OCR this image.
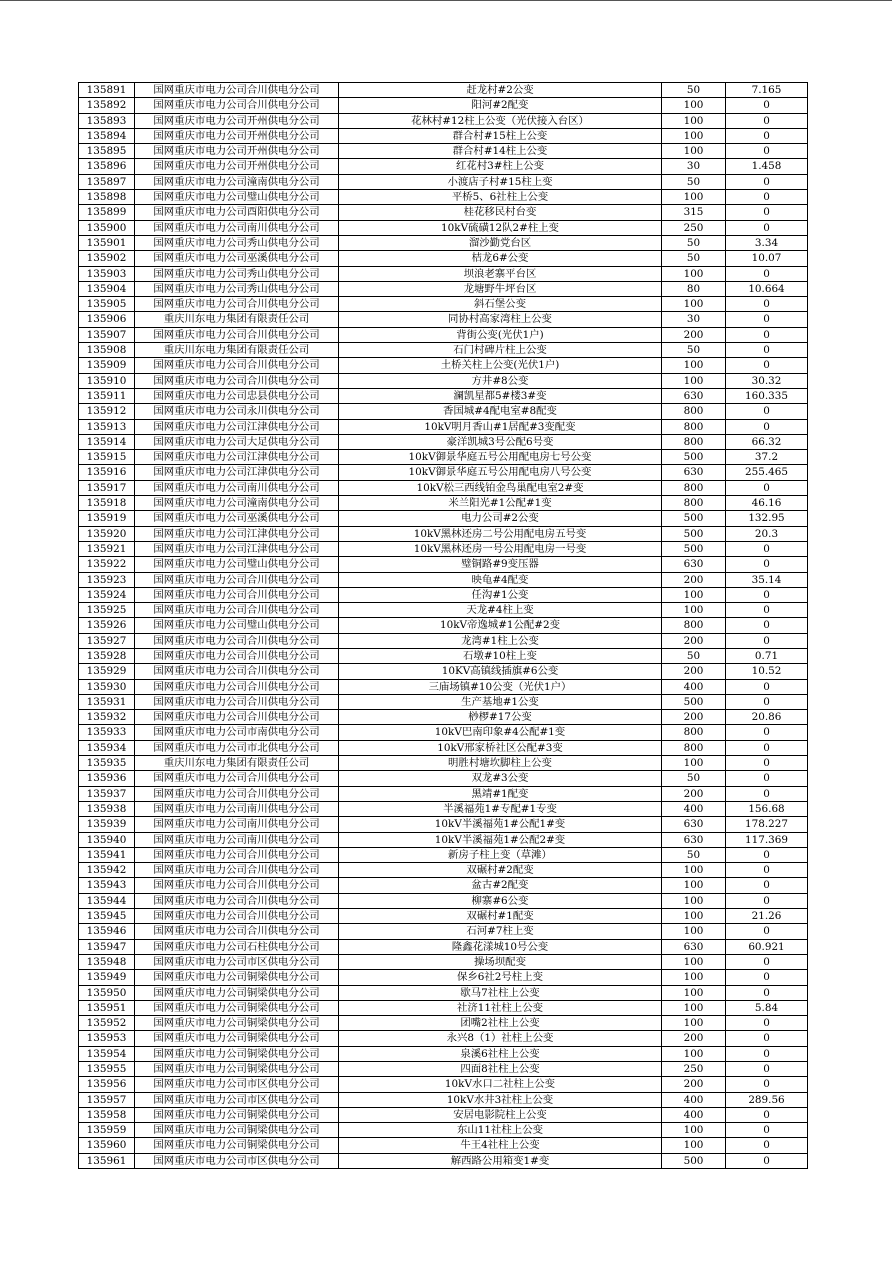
135891	国网重庆市电力公司合川供电分公司	赶龙村#2公变	50	7.165
135892	国网重庆市电力公司合川供电分公司	阳河#2配变	100	0
135893	国网重庆市电力公司开州供电分公司	花林村#12柱上公变（光伏接入台区）	100	0
135894	国网重庆市电力公司开州供电分公司	群合村#15柱上公变	100	0
135895	国网重庆市电力公司开州供电分公司	群合村#14柱上公变	100	0
135896	国网重庆市电力公司开州供电分公司	红花村3#柱上公变	30	1.458
135897	国网重庆市电力公司潼南供电分公司	小渡店子村#15柱上变	50	0
135898	国网重庆市电力公司璧山供电分公司	平桥5、6社柱上公变	100	0
135899	国网重庆市电力公司酉阳供电分公司	桂花移民村台变	315	0
135900	国网重庆市电力公司南川供电分公司	10kV硫磺12队2#柱上变	250	0
135901	国网重庆市电力公司秀山供电分公司	溜沙勤党台区	50	3.34
135902	国网重庆市电力公司巫溪供电分公司	桔龙6#公变	50	10.07
135903	国网重庆市电力公司秀山供电分公司	坝浪老寨平台区	100	0
135904	国网重庆市电力公司秀山供电分公司	龙塘野牛坪台区	80	10.664
135905	国网重庆市电力公司合川供电分公司	斜石堡公变	100	0
135906	重庆川东电力集团有限责任公司	同协村高家湾柱上公变	30	0
135907	国网重庆市电力公司合川供电分公司	背街公变(光伏1户)	200	0
135908	重庆川东电力集团有限责任公司	石门村碑片柱上公变	50	0
135909	国网重庆市电力公司合川供电分公司	土桥关柱上公变(光伏1户)	100	0
135910	国网重庆市电力公司合川供电分公司	方井#8公变	100	30.32
135911	国网重庆市电力公司忠县供电分公司	澜凯星都5#楼3#变	630	160.335
135912	国网重庆市电力公司永川供电分公司	香国城#4配电室#8配变	800	0
135913	国网重庆市电力公司江津供电分公司	10kV明月香山#1居配#3变配变	800	0
135914	国网重庆市电力公司大足供电分公司	豪洋凯城3号公配6号变	800	66.32
135915	国网重庆市电力公司江津供电分公司	10kV御景华庭五号公用配电房七号公变	500	37.2
135916	国网重庆市电力公司江津供电分公司	10kV御景华庭五号公用配电房八号公变	630	255.465
135917	国网重庆市电力公司南川供电分公司	10kV松三西线铂金鸟巢配电室2#变	800	0
135918	国网重庆市电力公司潼南供电分公司	米兰阳光#1公配#1变	800	46.16
135919	国网重庆市电力公司巫溪供电分公司	电力公司#2公变	500	132.95
135920	国网重庆市电力公司江津供电分公司	10kV黑林还房二号公用配电房五号变	500	20.3
135921	国网重庆市电力公司江津供电分公司	10kV黑林还房一号公用配电房一号变	500	0
135922	国网重庆市电力公司璧山供电分公司	璧铜路#9变压器	630	0
135923	国网重庆市电力公司合川供电分公司	映龟#4配变	200	35.14
135924	国网重庆市电力公司合川供电分公司	任沟#1公变	100	0
135925	国网重庆市电力公司合川供电分公司	天龙#4柱上变	100	0
135926	国网重庆市电力公司璧山供电分公司	10kV帝逸城#1公配#2变	800	0
135927	国网重庆市电力公司合川供电分公司	龙湾#1柱上公变	200	0
135928	国网重庆市电力公司合川供电分公司	石墩#10柱上变	50	0.71
135929	国网重庆市电力公司合川供电分公司	10KV高镇线插旗#6公变	200	10.52
135930	国网重庆市电力公司合川供电分公司	三庙场镇#10公变（光伏1户）	400	0
135931	国网重庆市电力公司合川供电分公司	生产基地#1公变	500	0
135932	国网重庆市电力公司合川供电分公司	桫椤#17公变	200	20.86
135933	国网重庆市电力公司市南供电分公司	10kV巴南印象#4公配#1变	800	0
135934	国网重庆市电力公司市北供电分公司	10kV邢家桥社区公配#3变	800	0
135935	重庆川东电力集团有限责任公司	明胜村塘坎脚柱上公变	100	0
135936	国网重庆市电力公司合川供电分公司	双龙#3公变	50	0
135937	国网重庆市电力公司合川供电分公司	黑靖#1配变	200	0
135938	国网重庆市电力公司南川供电分公司	半溪福苑1#专配#1专变	400	156.68
135939	国网重庆市电力公司南川供电分公司	10kV半溪福苑1#公配1#变	630	178.227
135940	国网重庆市电力公司南川供电分公司	10kV半溪福苑1#公配2#变	630	117.369
135941	国网重庆市电力公司合川供电分公司	新房子柱上变（草滩）	50	0
135942	国网重庆市电力公司合川供电分公司	双碾村#2配变	100	0
135943	国网重庆市电力公司合川供电分公司	盆古#2配变	100	0
135944	国网重庆市电力公司合川供电分公司	柳寨#6公变	100	0
135945	国网重庆市电力公司合川供电分公司	双碾村#1配变	100	21.26
135946	国网重庆市电力公司合川供电分公司	石河#7柱上变	100	0
135947	国网重庆市电力公司石柱供电分公司	隆鑫花漾城10号公变	630	60.921
135948	国网重庆市电力公司市区供电分公司	操场坝配变	100	0
135949	国网重庆市电力公司铜梁供电分公司	保乡6社2号柱上变	100	0
135950	国网重庆市电力公司铜梁供电分公司	歇马7社柱上公变	100	0
135951	国网重庆市电力公司铜梁供电分公司	社济11社柱上公变	100	5.84
135952	国网重庆市电力公司铜梁供电分公司	团嘴2社柱上公变	100	0
135953	国网重庆市电力公司铜梁供电分公司	永兴8（1）社柱上公变	200	0
135954	国网重庆市电力公司铜梁供电分公司	泉溪6社柱上公变	100	0
135955	国网重庆市电力公司铜梁供电分公司	四面8社柱上公变	250	0
135956	国网重庆市电力公司市区供电分公司	10kV水口二社柱上公变	200	0
135957	国网重庆市电力公司市区供电分公司	10kV水井3社柱上公变	400	289.56
135958	国网重庆市电力公司铜梁供电分公司	安居电影院柱上公变	400	0
135959	国网重庆市电力公司铜梁供电分公司	东山11社柱上公变	100	0
135960	国网重庆市电力公司铜梁供电分公司	牛王4社柱上公变	100	0
135961	国网重庆市电力公司市区供电分公司	解西路公用箱变1#变	500	0
